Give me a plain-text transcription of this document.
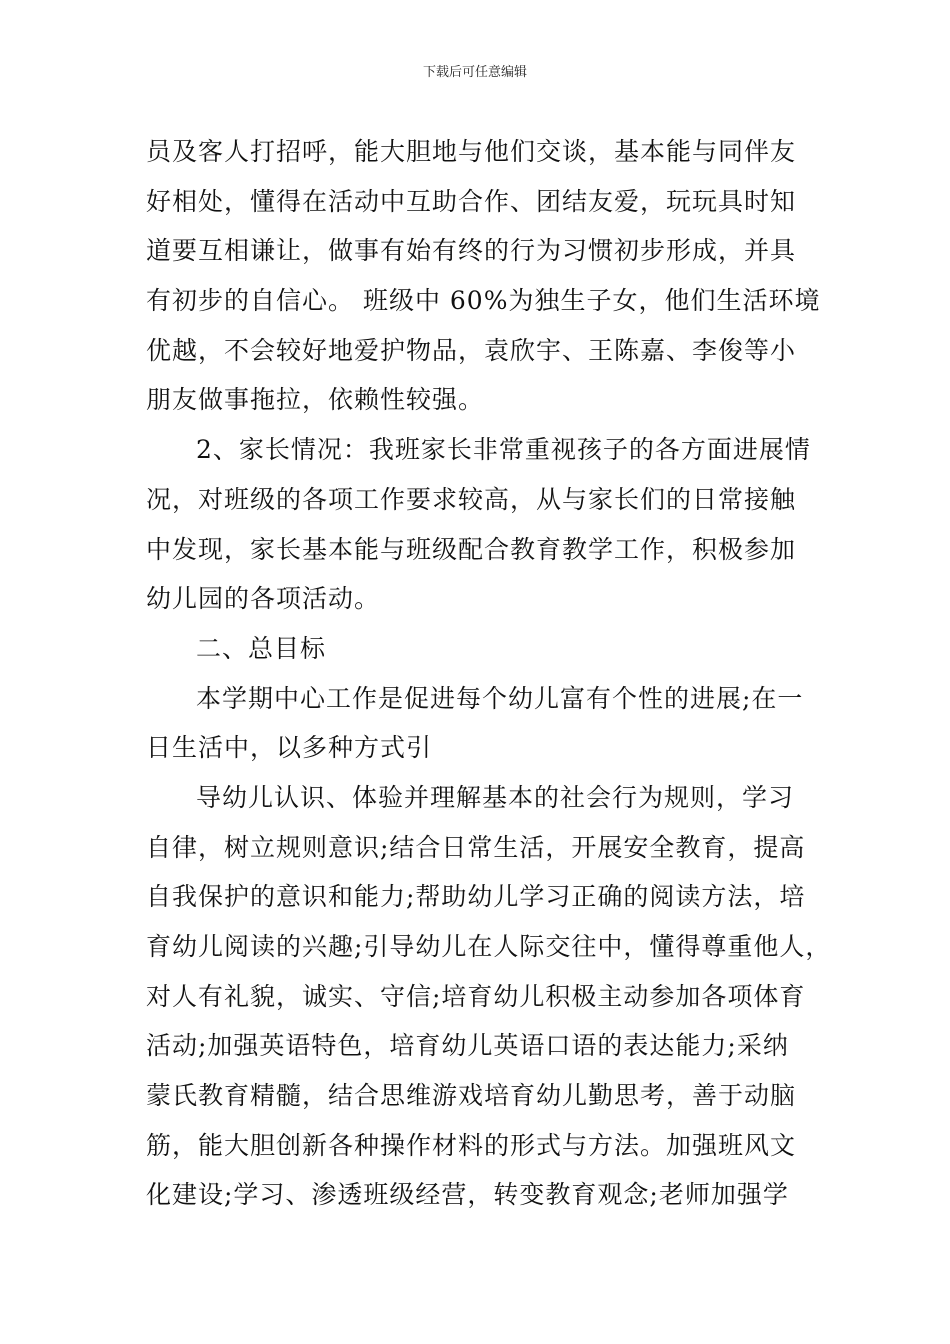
下载后可任意编辑
员及客人打招呼，能大胆地与他们交谈，基本能与同伴友
好相处，懂得在活动中互助合作、团结友爱，玩玩具时知
道要互相谦让，做事有始有终的行为习惯初步形成，并具
有初步的自信心。 班级中 60%为独生子女，他们生活环境
优越，不会较好地爱护物品，袁欣宇、王陈嘉、李俊等小
朋友做事拖拉，依赖性较强。
2、家长情况：我班家长非常重视孩子的各方面进展情
况，对班级的各项工作要求较高，从与家长们的日常接触
中发现，家长基本能与班级配合教育教学工作，积极参加
幼儿园的各项活动。
二、总目标
本学期中心工作是促进每个幼儿富有个性的进展;在一
日生活中，以多种方式引
导幼儿认识、体验并理解基本的社会行为规则，学习
自律，树立规则意识;结合日常生活，开展安全教育，提高
自我保护的意识和能力;帮助幼儿学习正确的阅读方法，培
育幼儿阅读的兴趣;引导幼儿在人际交往中，懂得尊重他人，
对人有礼貌，诚实、守信;培育幼儿积极主动参加各项体育
活动;加强英语特色，培育幼儿英语口语的表达能力;采纳
蒙氏教育精髓，结合思维游戏培育幼儿勤思考，善于动脑
筋，能大胆创新各种操作材料的形式与方法。加强班风文
化建设;学习、渗透班级经营，转变教育观念;老师加强学
